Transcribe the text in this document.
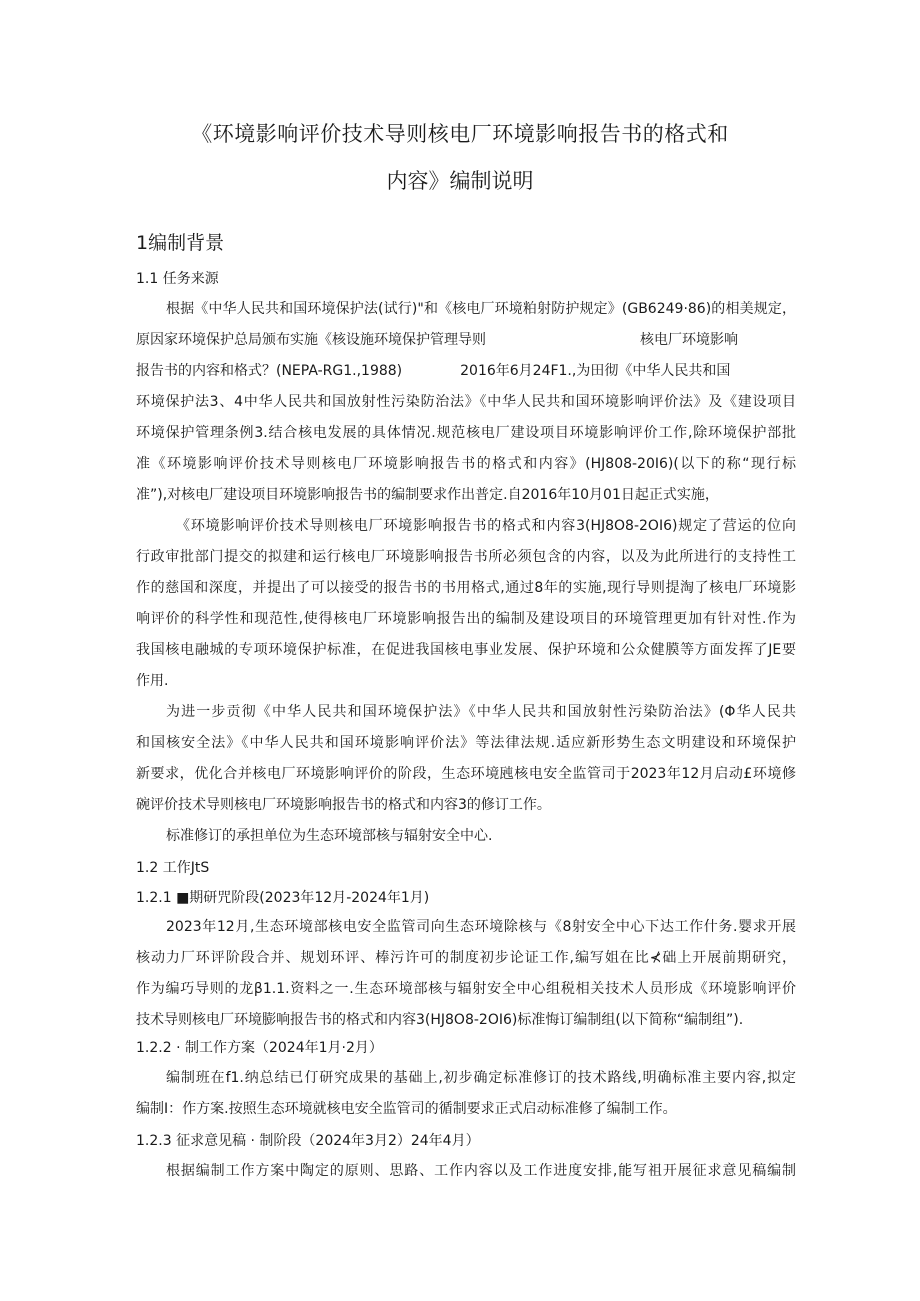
《环境影响评价技术导则核电厂环境影响报告书的格式和
内容》编制说明
1编制背景
1.1 任务来源
根据《中华人民共和国环境保护法(试行)"和《核电厂环境粕射防护规定》(GB6249·86)的相美规定，
原因家环境保护总局颁布实施《核设施环境保护管理导则	核电厂环境影响
报告书的内容和格式？(NEPA-RG1.,1988)	2016年6月24F1.,为田彻《中华人民共和国
环境保护法3、4中华人民共和国放射性污染防治法》《中华人民共和国环境影响评价法》及《建设项目
环境保护管理条例3.结合核电发展的具体情况.规范核电厂建设项目环境影响评价工作,除环境保护部批
准《环境影响评价技术导则核电厂环境影响报告书的格式和内容》(HJ808-20I6)(以下的称“现行标
准”),对核电厂建设项目环境影响报告书的编制要求作出普定.自2016年10月01日起正式实施，
《环境影响评价技术导则核电厂环境影响报告书的格式和内容3(HJ8O8-2OI6)规定了营运的位向
行政审批部门提交的拟建和运行核电厂环境影响报告书所必须包含的内容，以及为此所进行的支持性工
作的慈国和深度，并提出了可以接受的报告书的书用格式,通过8年的实施,现行导则提淘了核电厂环境影
响评价的科学性和现范性,使得核电厂环境影响报告出的编制及建设项目的环境管理更加有针对性.作为
我国核电融城的专项环境保护标准，在促进我国核电事业发展、保护环境和公众健膜等方面发挥了JE要
作用.
为进一步贡彻《中华人民共和国环境保护法》《中华人民共和国放射性污染防治法》(Φ华人民共
和国核安全法》《中华人民共和国环境影响评价法》等法律法规.适应新形势生态文明建设和环境保护
新要求，优化合并核电厂环境影响评价的阶段，生态环境瓲核电安全监管司于2023年12月启动£环境修
碗评价技术导则核电厂环境影响报告书的格式和内容3的修订工作。
标准修订的承担单位为生态环境部核与辐射安全中心.
1.2 工作JtS
1.2.1 ■期研咒阶段(2023年12月-2024年1月)
2023年12月,生态环境部核电安全监管司向生态环境除核与《8射安全中心下达工作什务.婴求开展
核动力厂环评阶段合并、规划环评、棒污许可的制度初步论证工作,编写姐在比⊀础上开展前期研究，
作为编巧导则的龙β1.1.资料之一.生态环境部核与辐射安全中心组税相关技术人员形成《环境影响评价
技术导则核电厂环境膨响报告书的格式和内容3(HJ8O8-2OI6)标准悔订编制组(以下简称“编制组”).
1.2.2 · 制工作方案（2024年1月·2月）
编制班在f1.纳总结已仃研究成果的基础上,初步确定标准修订的技术路线,明确标准主要内容,拟定
编制I：作方案.按照生态环境就核电安全监管司的循制要求正式启动标准修了编制工作。
1.2.3 征求意见稿 · 制阶段（2024年3月2）24年4月）
根据编制工作方案中陶定的原则、思路、工作内容以及工作进度安排,能写祖开展征求意见稿编制
